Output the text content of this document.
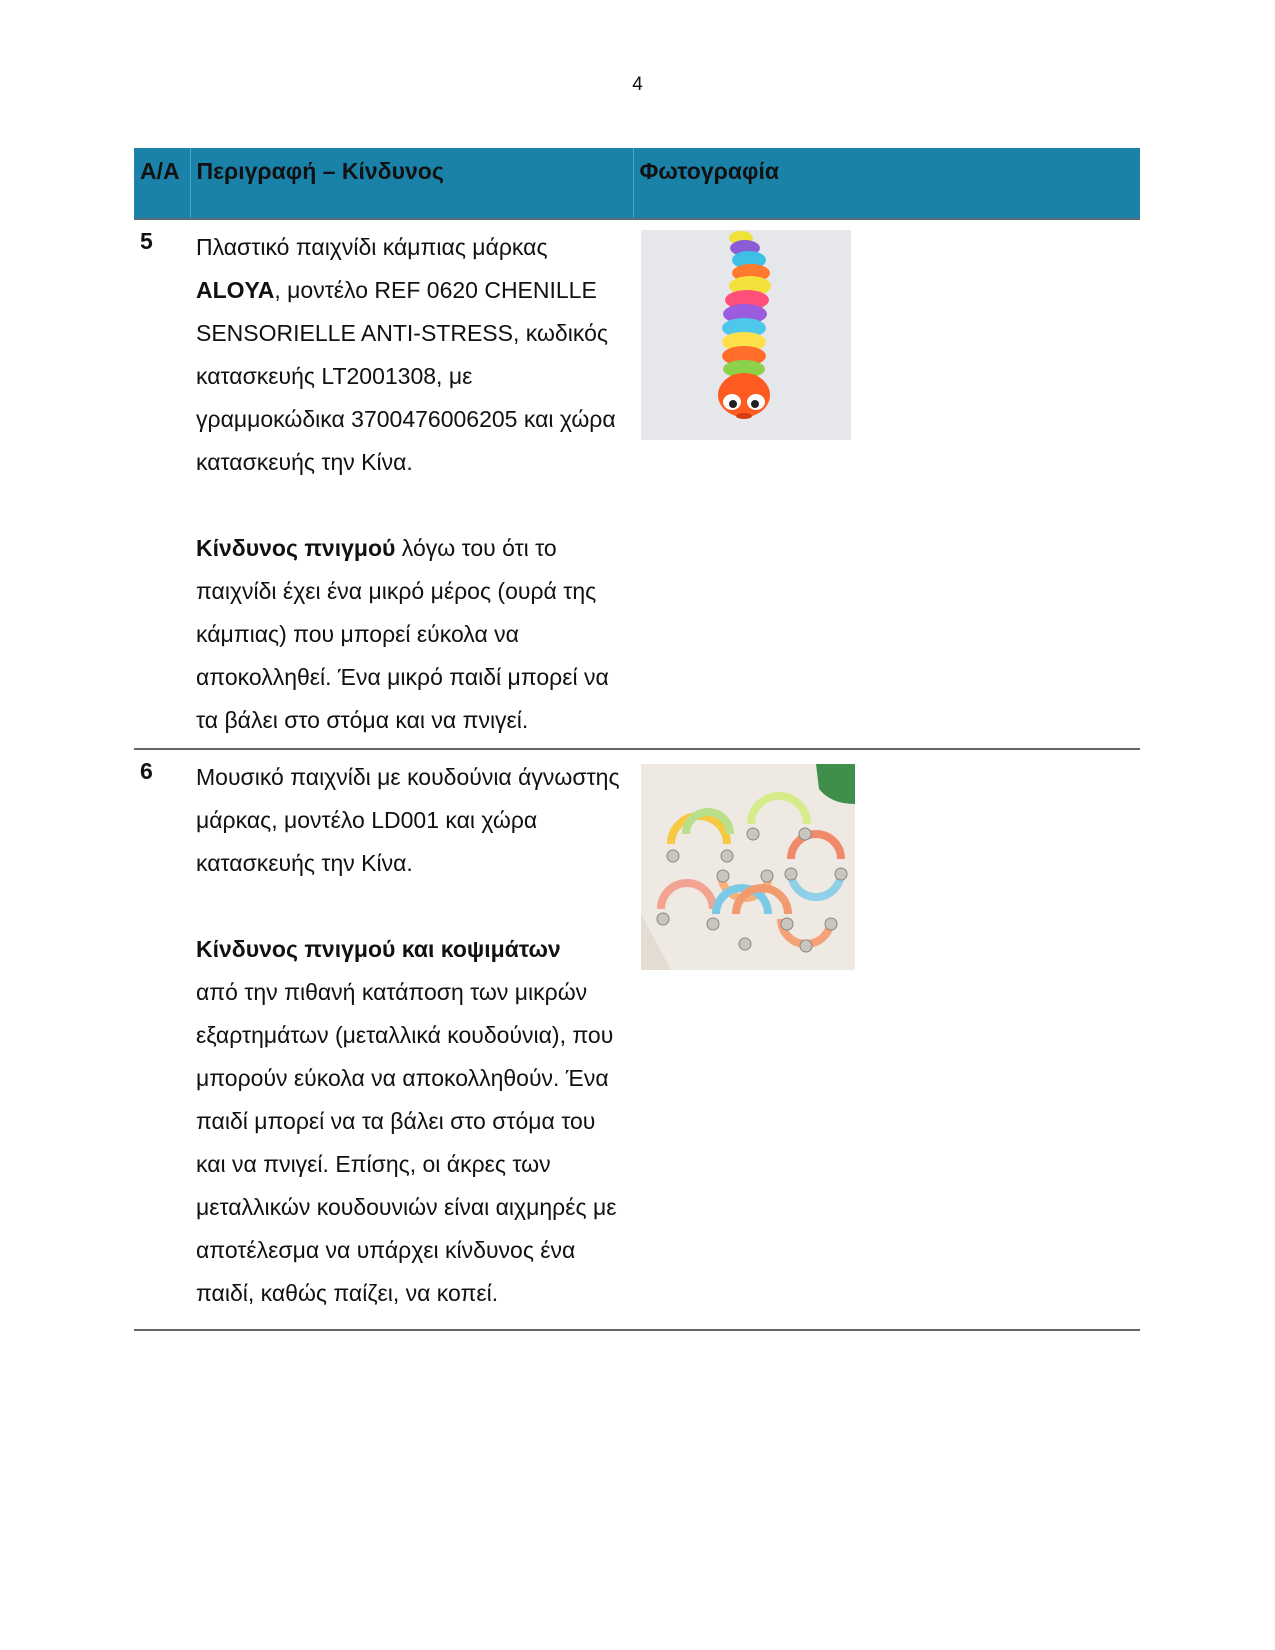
4
Α/Α	Περιγραφή – Κίνδυνος	Φωτογραφία
5	Πλαστικό παιχνίδι κάμπιας μάρκας
ALOYA, μοντέλο REF 0620 CHENILLE SENSORIELLE ANTI-STRESS, κωδικός κατασκευής LT2001308, με γραμμοκώδικα 3700476006205 και χώρα κατασκευής την Κίνα.

Κίνδυνος πνιγμού λόγω του ότι το παιχνίδι έχει ένα μικρό μέρος (ουρά της κάμπιας) που μπορεί εύκολα να αποκολληθεί. Ένα μικρό παιδί μπορεί να τα βάλει στο στόμα και να πνιγεί.

6	Μουσικό παιχνίδι με κουδούνια άγνωστης μάρκας, μοντέλο LD001 και χώρα κατασκευής την Κίνα.

Κίνδυνος πνιγμού και κοψιμάτων
από την πιθανή κατάποση των μικρών εξαρτημάτων (μεταλλικά κουδούνια), που μπορούν εύκολα να αποκολληθούν. Ένα παιδί μπορεί να τα βάλει στο στόμα του και να πνιγεί. Επίσης, οι άκρες των μεταλλικών κουδουνιών είναι αιχμηρές με αποτέλεσμα να υπάρχει κίνδυνος ένα παιδί, καθώς παίζει, να κοπεί.
